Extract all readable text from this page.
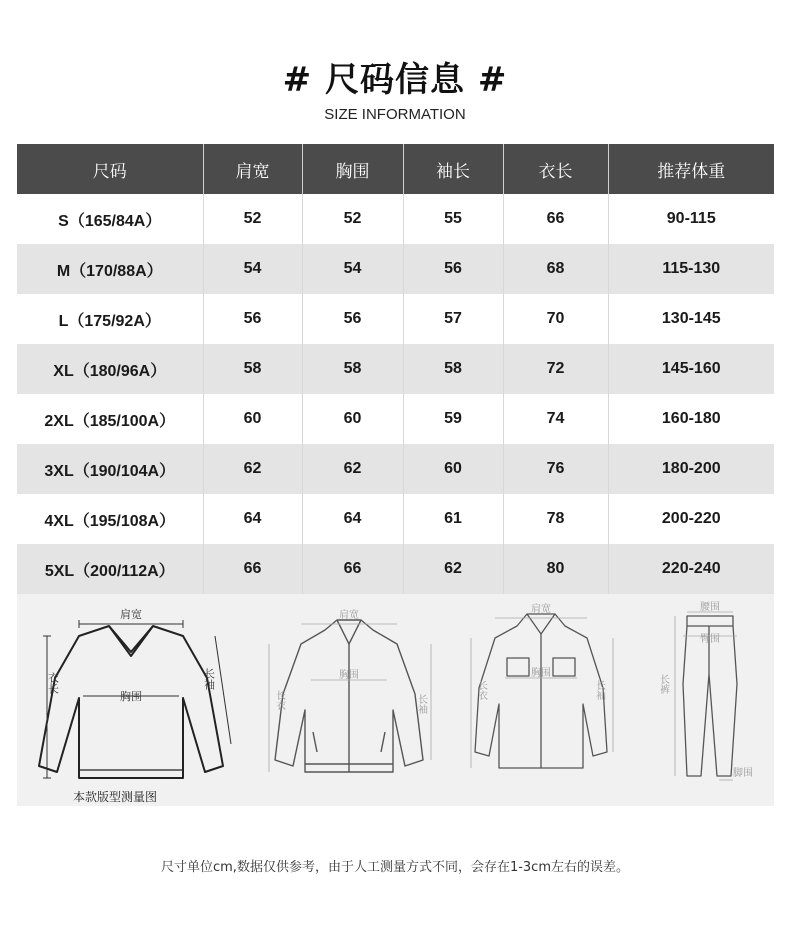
# 尺码信息 #
SIZE INFORMATION
尺码	肩宽	胸围	袖长	衣长	推荐体重
S（165/84A）	52	52	55	66	90-115
M（170/88A）	54	54	56	68	115-130
L（175/92A）	56	56	57	70	130-145
XL（180/96A）	58	58	58	72	145-160
2XL（185/100A）	60	60	59	74	160-180
3XL（190/104A）	62	62	60	76	180-200
4XL（195/108A）	64	64	61	78	200-220
5XL（200/112A）	66	66	62	80	220-240
肩宽
衣长	长袖
胸围
本款版型测量图
肩宽
胸围
长衣	长袖
肩宽
胸围
长衣	长袖
腰围
臀围
长裤
脚围
尺寸单位cm,数据仅供参考，由于人工测量方式不同，会存在1-3cm左右的误差。
